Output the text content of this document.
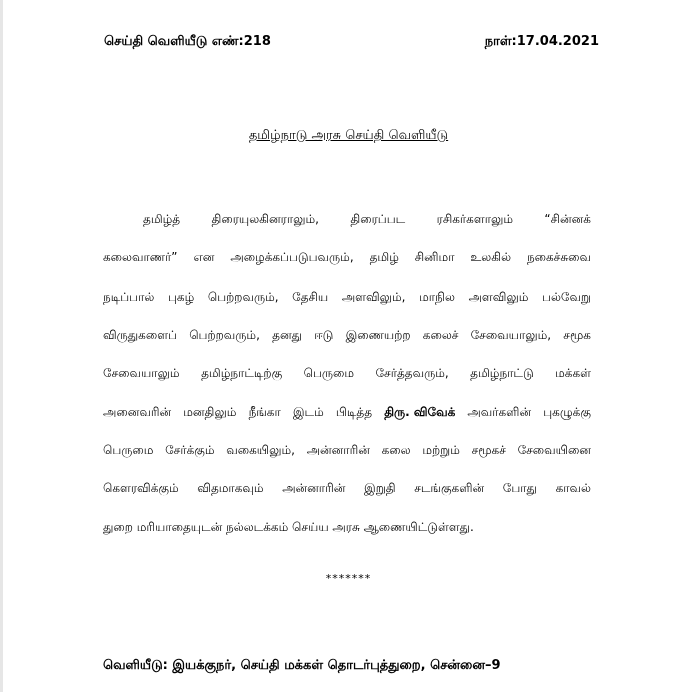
செய்தி வெளியீடு எண்:218	நாள்:17.04.2021
தமிழ்நாடு அரசு செய்தி வெளியீடு
தமிழ்த்	திரையுலகினராலும்,	திரைப்பட	ரசிகர்களாலும்	“சின்னக்
கலைவாணர்” என அழைக்கப்படுபவரும், தமிழ் சினிமா உலகில் நகைச்சுவை
நடிப்பால் புகழ் பெற்றவரும், தேசிய அளவிலும், மாநில அளவிலும் பல்வேறு
விருதுகளைப் பெற்றவரும், தனது ஈடு இணையற்ற கலைச் சேவையாலும், சமூக
சேவையாலும் தமிழ்நாட்டிற்கு பெருமை சேர்த்தவரும், தமிழ்நாட்டு மக்கள்
அனைவரின் மனதிலும் நீங்கா இடம் பிடித்த திரு. விவேக் அவர்களின் புகழுக்கு
பெருமை சேர்க்கும் வகையிலும், அன்னாரின் கலை மற்றும் சமூகச் சேவையினை
கௌரவிக்கும் விதமாகவும் அன்னாரின் இறுதி சடங்குகளின் போது காவல்
துறை மரியாதையுடன் நல்லடக்கம் செய்ய அரசு ஆணையிட்டுள்ளது.
*******
வெளியீடு: இயக்குநர், செய்தி மக்கள் தொடர்புத்துறை, சென்னை–9
